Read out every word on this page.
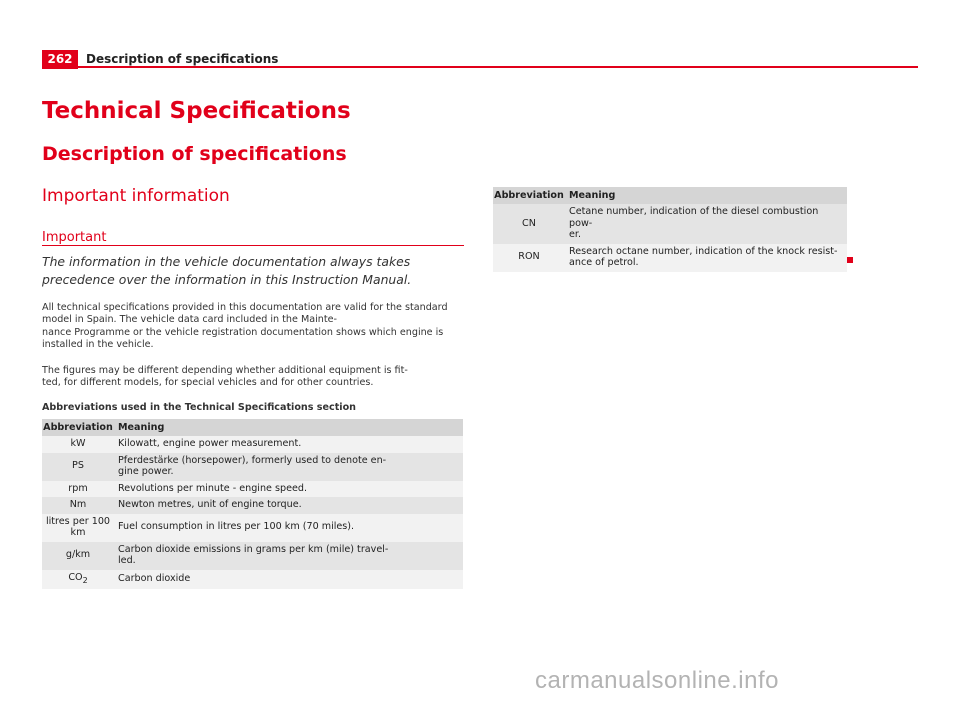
262	Description of specifications
Technical Specifications
Description of specifications
Important information
Important
The information in the vehicle documentation always takes precedence over the information in this Instruction Manual.
All technical specifications provided in this documentation are valid for the standard model in Spain. The vehicle data card included in the Mainte-
nance Programme or the vehicle registration documentation shows which engine is installed in the vehicle.
The figures may be different depending whether additional equipment is fit-
ted, for different models, for special vehicles and for other countries.
Abbreviations used in the Technical Specifications section
Abbreviation	Meaning
kW	Kilowatt, engine power measurement.
PS	Pferdestärke (horsepower), formerly used to denote en-
gine power.
rpm	Revolutions per minute - engine speed.
Nm	Newton metres, unit of engine torque.
litres per 100 km	Fuel consumption in litres per 100 km (70 miles).
g/km	Carbon dioxide emissions in grams per km (mile) travel-
led.
$CO_2$	Carbon dioxide
Abbreviation	Meaning
CN	Cetane number, indication of the diesel combustion pow-
er.
RON	Research octane number, indication of the knock resist-
ance of petrol.
carmanualsonline.info
